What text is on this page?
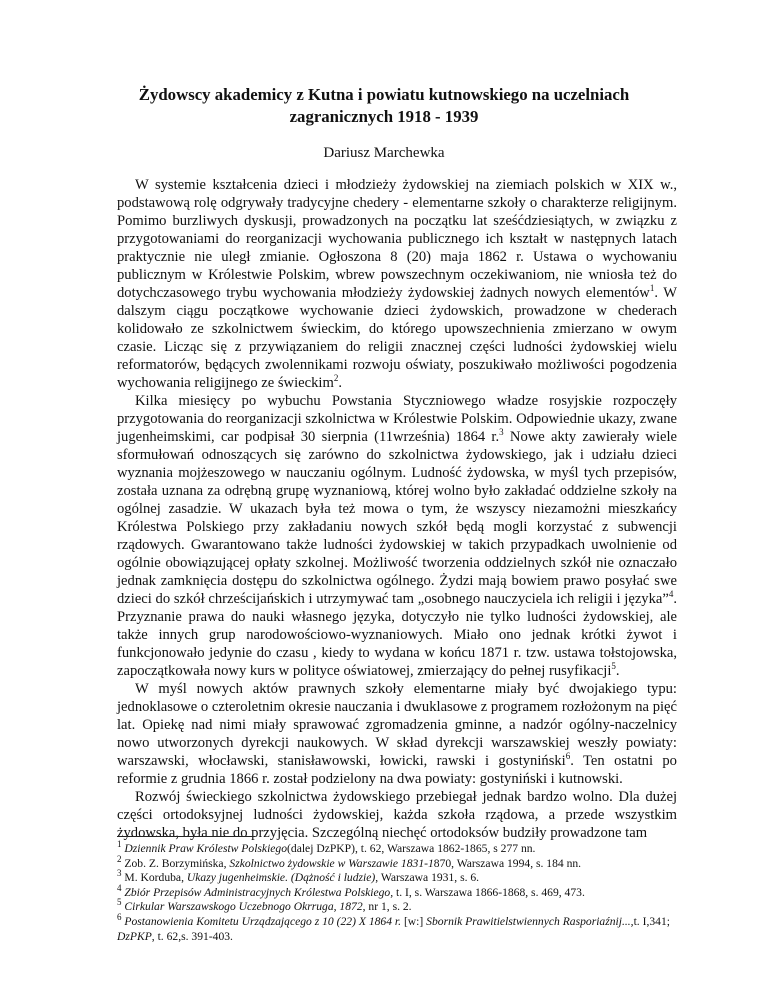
Żydowscy akademicy z Kutna i powiatu kutnowskiego na uczelniach zagranicznych 1918 - 1939
Dariusz Marchewka

W systemie kształcenia dzieci i młodzieży żydowskiej na ziemiach polskich w XIX w., podstawową rolę odgrywały tradycyjne chedery - elementarne szkoły o charakterze religijnym. Pomimo burzliwych dyskusji, prowadzonych na początku lat sześćdziesiątych, w związku z przygotowaniami do reorganizacji wychowania publicznego ich kształt w następnych latach praktycznie nie uległ zmianie. Ogłoszona 8 (20) maja 1862 r. Ustawa o wychowaniu publicznym w Królestwie Polskim, wbrew powszechnym oczekiwaniom, nie wniosła też do dotychczasowego trybu wychowania młodzieży żydowskiej żadnych nowych elementów$^1$. W dalszym ciągu początkowe wychowanie dzieci żydowskich, prowadzone w chederach kolidowało ze szkolnictwem świeckim, do którego upowszechnienia zmierzano w owym czasie. Licząc się z przywiązaniem do religii znacznej części ludności żydowskiej wielu reformatorów, będących zwolennikami rozwoju oświaty, poszukiwało możliwości pogodzenia wychowania religijnego ze świeckim$^2$.

Kilka miesięcy po wybuchu Powstania Styczniowego władze rosyjskie rozpoczęły przygotowania do reorganizacji szkolnictwa w Królestwie Polskim. Odpowiednie ukazy, zwane jugenheimskimi, car podpisał 30 sierpnia (11września) 1864 r.$^3$ Nowe akty zawierały wiele sformułowań odnoszących się zarówno do szkolnictwa żydowskiego, jak i udziału dzieci wyznania mojżeszowego w nauczaniu ogólnym. Ludność żydowska, w myśl tych przepisów, została uznana za odrębną grupę wyznaniową, której wolno było zakładać oddzielne szkoły na ogólnej zasadzie. W ukazach była też mowa o tym, że wszyscy niezamożni mieszkańcy Królestwa Polskiego przy zakładaniu nowych szkół będą mogli korzystać z subwencji rządowych. Gwarantowano także ludności żydowskiej w takich przypadkach uwolnienie od ogólnie obowiązującej opłaty szkolnej. Możliwość tworzenia oddzielnych szkół nie oznaczało jednak zamknięcia dostępu do szkolnictwa ogólnego. Żydzi mają bowiem prawo posyłać swe dzieci do szkół chrześcijańskich i utrzymywać tam „osobnego nauczyciela ich religii i języka”$^4$. Przyznanie prawa do nauki własnego języka, dotyczyło nie tylko ludności żydowskiej, ale także innych grup narodowościowo-wyznaniowych. Miało ono jednak krótki żywot i funkcjonowało jedynie do czasu , kiedy to wydana w końcu 1871 r. tzw. ustawa tołstojowska, zapoczątkowała nowy kurs w polityce oświatowej, zmierzający do pełnej rusyfikacji$^5$.

W myśl nowych aktów prawnych szkoły elementarne miały być dwojakiego typu: jednoklasowe o czteroletnim okresie nauczania i dwuklasowe z programem rozłożonym na pięć lat. Opiekę nad nimi miały sprawować zgromadzenia gminne, a nadzór ogólny-naczelnicy nowo utworzonych dyrekcji naukowych. W skład dyrekcji warszawskiej weszły powiaty: warszawski, włocławski, stanisławowski, łowicki, rawski i gostyniński$^6$. Ten ostatni po reformie z grudnia 1866 r. został podzielony na dwa powiaty: gostyniński i kutnowski.

Rozwój świeckiego szkolnictwa żydowskiego przebiegał jednak bardzo wolno. Dla dużej części ortodoksyjnej ludności żydowskiej, każda szkoła rządowa, a przede wszystkim żydowska, była nie do przyjęcia. Szczególną niechęć ortodoksów budziły prowadzone tam

$^1$ Dziennik Praw Królestw Polskiego(dalej DzPKP), t. 62, Warszawa 1862-1865, s 277 nn.
$^2$ Zob. Z. Borzymińska, Szkolnictwo żydowskie w Warszawie 1831-1870, Warszawa 1994, s. 184 nn.
$^3$ M. Korduba, Ukazy jugenheimskie. (Dążność i ludzie), Warszawa 1931, s. 6.
$^4$ Zbiór Przepisów Administracyjnych Królestwa Polskiego, t. I, s. Warszawa 1866-1868, s. 469, 473.
$^5$ Cirkular Warszawskogo Uczebnogo Okrruga, 1872, nr 1, s. 2.
$^6$ Postanowienia Komitetu Urządzającego z 10 (22) X 1864 r. [w:] Sbornik Prawitielstwiennych Rasporiaźnij...,t. I,341; DzPKP, t. 62,s. 391-403.
